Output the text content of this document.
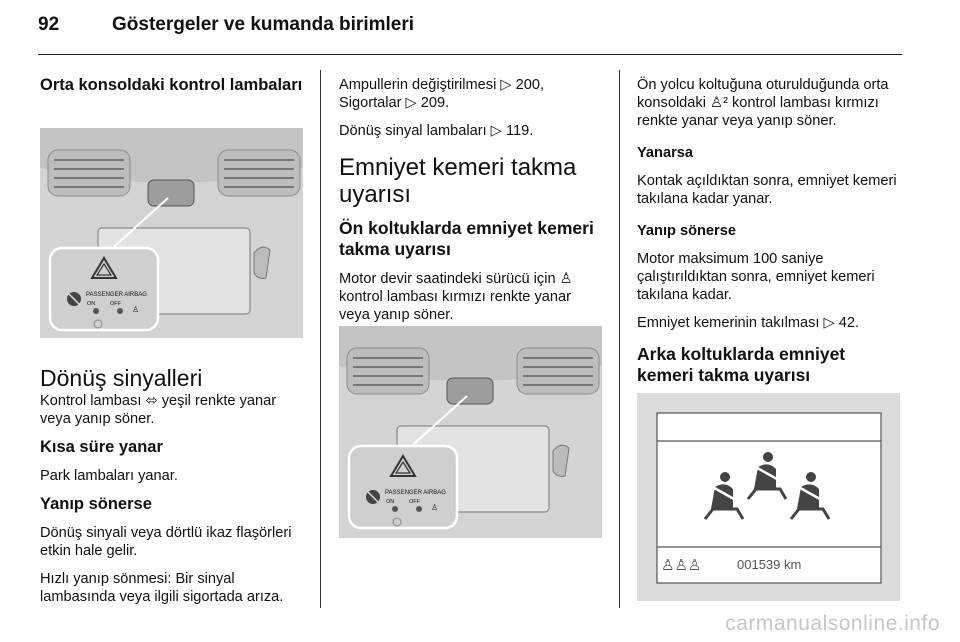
92	Göstergeler ve kumanda birimleri

Orta konsoldaki kontrol lambaları

PASSENGER AIRBAG
ON	OFF
♙

Dönüş sinyalleri

Kontrol lambası ⬄ yeşil renkte yanar veya yanıp söner.

Kısa süre yanar

Park lambaları yanar.

Yanıp sönerse

Dönüş sinyali veya dörtlü ikaz flaşörleri etkin hale gelir.

Hızlı yanıp sönmesi: Bir sinyal lambasında veya ilgili sigortada arıza.

Ampullerin değiştirilmesi ▷ 200, Sigortalar ▷ 209.

Dönüş sinyal lambaları ▷ 119.

Emniyet kemeri takma uyarısı

Ön koltuklarda emniyet kemeri takma uyarısı

Motor devir saatindeki sürücü için ♙ kontrol lambası kırmızı renkte yanar veya yanıp söner.

PASSENGER AIRBAG
ON	OFF
♙

Ön yolcu koltuğuna oturulduğunda orta konsoldaki ♙² kontrol lambası kırmızı renkte yanar veya yanıp söner.

Yanarsa

Kontak açıldıktan sonra, emniyet kemeri takılana kadar yanar.

Yanıp sönerse

Motor maksimum 100 saniye çalıştırıldıktan sonra, emniyet kemeri takılana kadar.

Emniyet kemerinin takılması ▷ 42.

Arka koltuklarda emniyet kemeri takma uyarısı

♙♙♙	001539 km
carmanualsonline.info
